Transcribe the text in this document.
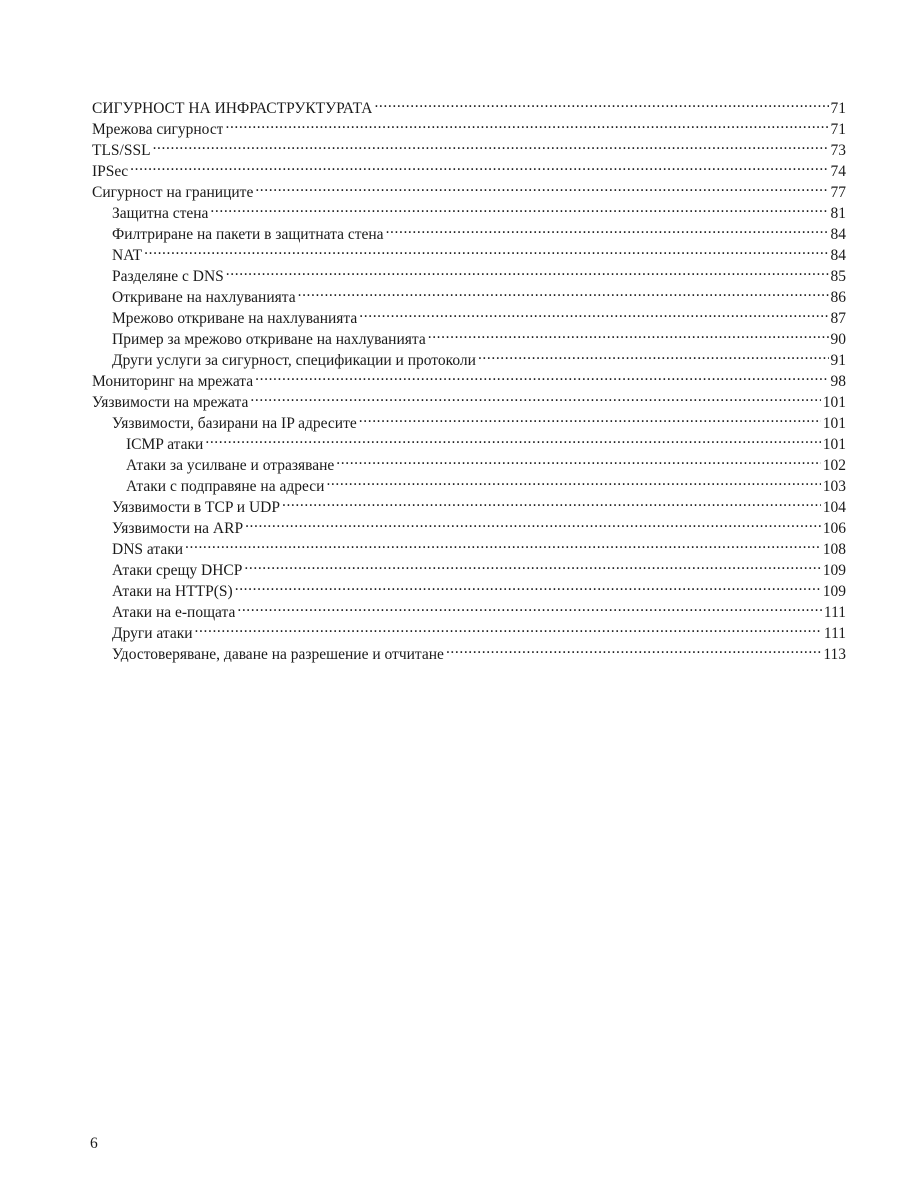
СИГУРНОСТ НА ИНФРАСТРУКТУРАТА .....	71
Мрежова сигурност .....	71
TLS/SSL .....	73
IPSec .....	74
Сигурност на границите .....	77
Защитна стена .....	81
Филтриране на пакети в защитната стена .....	84
NAT .....	84
Разделяне с DNS .....	85
Откриване на нахлуванията .....	86
Мрежово откриване на нахлуванията .....	87
Пример за мрежово откриване на нахлуванията .....	90
Други услуги за сигурност, спецификации и протоколи .....	91
Мониторинг на мрежата .....	98
Уязвимости на мрежата .....	101
Уязвимости, базирани на IP адресите .....	101
ICMP атаки .....	101
Атаки за усилване и отразяване .....	102
Атаки с подправяне на адреси .....	103
Уязвимости в TCP и UDP .....	104
Уязвимости на ARP .....	106
DNS атаки .....	108
Атаки срещу DHCP .....	109
Атаки на HTTP(S) .....	109
Атаки на е-пощата .....	111
Други атаки .....	111
Удостоверяване, даване на разрешение и отчитане .....	113
6
